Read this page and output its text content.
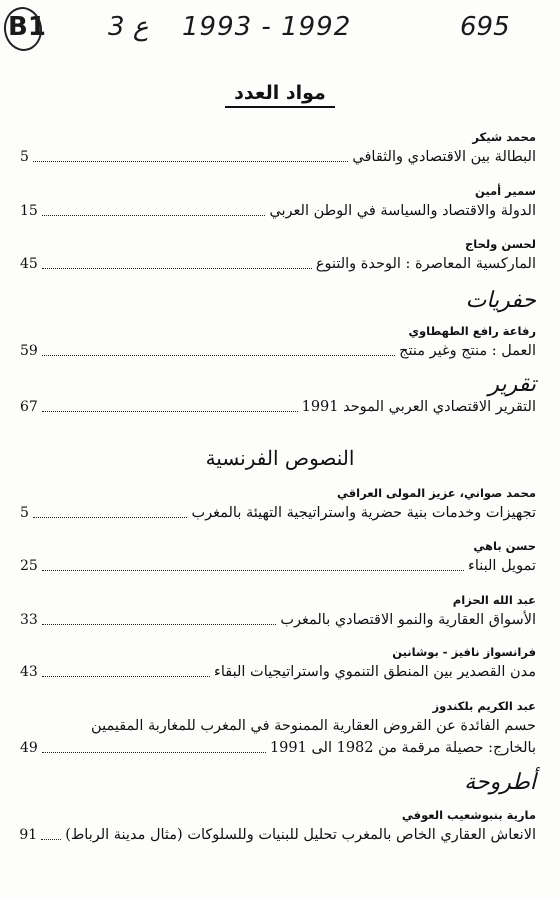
B1 3 ع 1993 - 1992	695
مواد العدد
محمد شيكر
البطالة بين الاقتصادي والثقافي
5
سمير أمين
الدولة والاقتصاد والسياسة في الوطن العربي
15
لحسن ولحاج
الماركسية المعاصرة : الوحدة والتنوع
45
حفريات
رفاعة رافع الطهطاوي
العمل : منتج وغير منتج
59
تقرير
التقرير الاقتصادي العربي الموحد 1991
67
النصوص الفرنسية
محمد صواني، عزيز المولى العراقي
تجهيزات وخدمات بنية حضرية واستراتيجية التهيئة بالمغرب
5
حسن باهي
تمويل البناء
25
عبد الله الحزام
الأسواق العقارية والنمو الاقتصادي بالمغرب
33
فرانسواز نافيز - بوشانين
مدن القصدير بين المنطق التنموي واستراتيجيات البقاء
43
عبد الكريم بلكندوز
حسم الفائدة عن القروض العقارية الممنوحة في المغرب للمغاربة المقيمين
بالخارج: حصيلة مرقمة من 1982 الى 1991
49
أطروحة
مارية بنبوشعيب العوفي
الانعاش العقاري الخاص بالمغرب تحليل للبنيات وللسلوكات (مثال مدينة الرباط)
91
